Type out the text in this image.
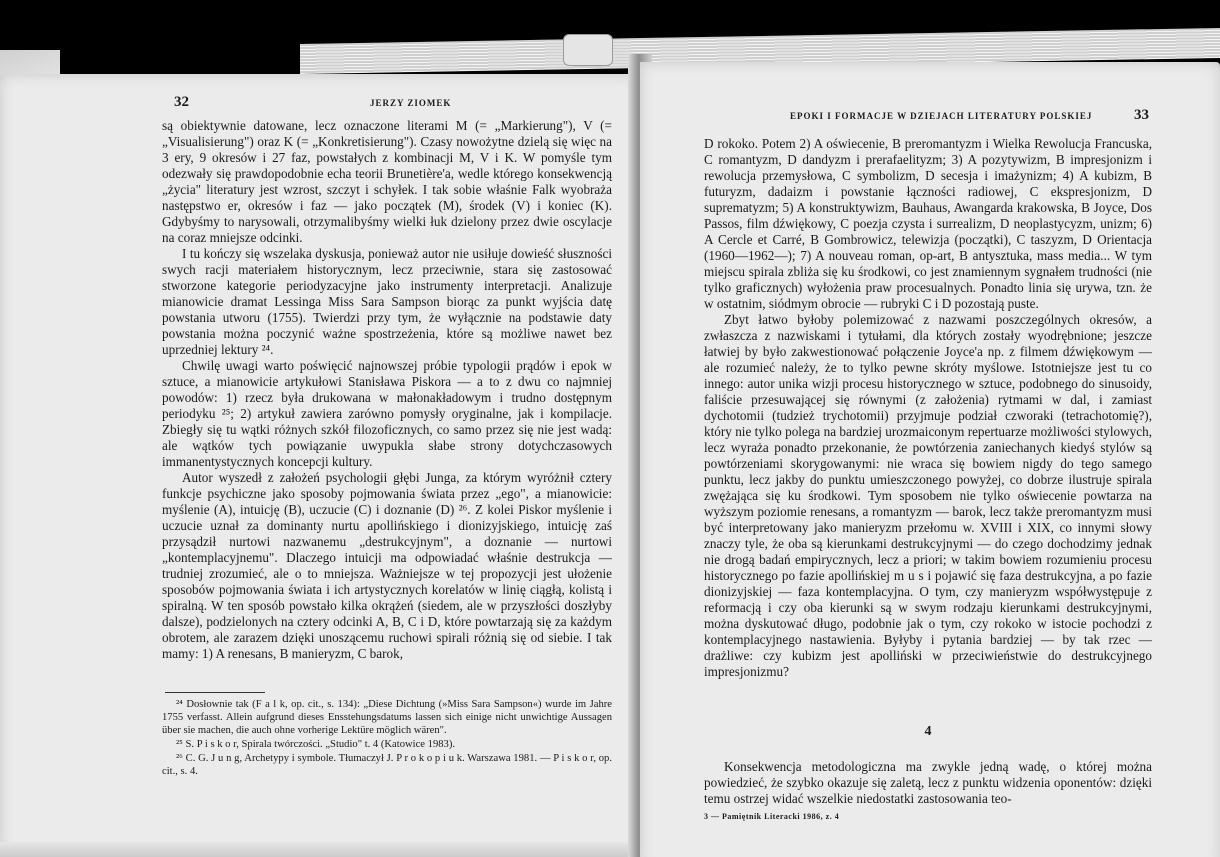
32	JERZY ZIOMEK

są obiektywnie datowane, lecz oznaczone literami M (= „Markierung"), V (= „Visualisierung") oraz K (= „Konkretisierung"). Czasy nowożytne dzielą się więc na 3 ery, 9 okresów i 27 faz, powstałych z kombinacji M, V i K. W pomyśle tym odezwały się prawdopodobnie echa teorii Brunetière'a, wedle którego konsekwencją „życia" literatury jest wzrost, szczyt i schyłek. I tak sobie właśnie Falk wyobraża następstwo er, okresów i faz — jako początek (M), środek (V) i koniec (K). Gdybyśmy to narysowali, otrzymalibyśmy wielki łuk dzielony przez dwie oscylacje na coraz mniejsze odcinki.

I tu kończy się wszelaka dyskusja, ponieważ autor nie usiłuje dowieść słuszności swych racji materiałem historycznym, lecz przeciwnie, stara się zastosować stworzone kategorie periodyzacyjne jako instrumenty interpretacji. Analizuje mianowicie dramat Lessinga Miss Sara Sampson biorąc za punkt wyjścia datę powstania utworu (1755). Twierdzi przy tym, że wyłącznie na podstawie daty powstania można poczynić ważne spostrzeżenia, które są możliwe nawet bez uprzedniej lektury ²⁴.

Chwilę uwagi warto poświęcić najnowszej próbie typologii prądów i epok w sztuce, a mianowicie artykułowi Stanisława Piskora — a to z dwu co najmniej powodów: 1) rzecz była drukowana w małonakładowym i trudno dostępnym periodyku ²⁵; 2) artykuł zawiera zarówno pomysły oryginalne, jak i kompilacje. Zbiegły się tu wątki różnych szkół filozoficznych, co samo przez się nie jest wadą: ale wątków tych powiązanie uwypukla słabe strony dotychczasowych immanentystycznych koncepcji kultury.

Autor wyszedł z założeń psychologii głębi Junga, za którym wyróżnił cztery funkcje psychiczne jako sposoby pojmowania świata przez „ego", a mianowicie: myślenie (A), intuicję (B), uczucie (C) i doznanie (D) ²⁶. Z kolei Piskor myślenie i uczucie uznał za dominanty nurtu apollińskiego i dionizyjskiego, intuicję zaś przysądził nurtowi nazwanemu „destrukcyjnym", a doznanie — nurtowi „kontemplacyjnemu". Dlaczego intuicji ma odpowiadać właśnie destrukcja — trudniej zrozumieć, ale o to mniejsza. Ważniejsze w tej propozycji jest ułożenie sposobów pojmowania świata i ich artystycznych korelatów w linię ciągłą, kolistą i spiralną. W ten sposób powstało kilka okrążeń (siedem, ale w przyszłości doszłyby dalsze), podzielonych na cztery odcinki A, B, C i D, które powtarzają się za każdym obrotem, ale zarazem dzięki unoszącemu ruchowi spirali różnią się od siebie. I tak mamy: 1) A renesans, B manieryzm, C barok,

²⁴ Dosłownie tak (F a l k, op. cit., s. 134): „Diese Dichtung (»Miss Sara Sampson«) wurde im Jahre 1755 verfasst. Allein aufgrund dieses Ensstehungsdatums lassen sich einige nicht unwichtige Aussagen über sie machen, die auch ohne vorherige Lektüre möglich wären".

²⁵ S. P i s k o r, Spirala twórczości. „Studio" t. 4 (Katowice 1983).

²⁶ C. G. J u n g, Archetypy i symbole. Tłumaczył J. P r o k o p i u k. Warszawa 1981. — P i s k o r, op. cit., s. 4.

EPOKI I FORMACJE W DZIEJACH LITERATURY POLSKIEJ	33

D rokoko. Potem 2) A oświecenie, B preromantyzm i Wielka Rewolucja Francuska, C romantyzm, D dandyzm i prerafaelityzm; 3) A pozytywizm, B impresjonizm i rewolucja przemysłowa, C symbolizm, D secesja i imażynizm; 4) A kubizm, B futuryzm, dadaizm i powstanie łączności radiowej, C ekspresjonizm, D suprematyzm; 5) A konstruktywizm, Bauhaus, Awangarda krakowska, B Joyce, Dos Passos, film dźwiękowy, C poezja czysta i surrealizm, D neoplastycyzm, unizm; 6) A Cercle et Carré, B Gombrowicz, telewizja (początki), C taszyzm, D Orientacja (1960—1962—); 7) A nouveau roman, op-art, B antysztuka, mass media... W tym miejscu spirala zbliża się ku środkowi, co jest znamiennym sygnałem trudności (nie tylko graficznych) wyłożenia praw procesualnych. Ponadto linia się urywa, tzn. że w ostatnim, siódmym obrocie — rubryki C i D pozostają puste.

Zbyt łatwo byłoby polemizować z nazwami poszczególnych okresów, a zwłaszcza z nazwiskami i tytułami, dla których zostały wyodrębnione; jeszcze łatwiej by było zakwestionować połączenie Joyce'a np. z filmem dźwiękowym — ale rozumieć należy, że to tylko pewne skróty myślowe. Istotniejsze jest tu co innego: autor unika wizji procesu historycznego w sztuce, podobnego do sinusoidy, faliście przesuwającej się równymi (z założenia) rytmami w dal, i zamiast dychotomii (tudzież trychotomii) przyjmuje podział czworaki (tetrachotomię?), który nie tylko polega na bardziej urozmaiconym repertuarze możliwości stylowych, lecz wyraża ponadto przekonanie, że powtórzenia zaniechanych kiedyś stylów są powtórzeniami skorygowanymi: nie wraca się bowiem nigdy do tego samego punktu, lecz jakby do punktu umieszczonego powyżej, co dobrze ilustruje spirala zwężająca się ku środkowi. Tym sposobem nie tylko oświecenie powtarza na wyższym poziomie renesans, a romantyzm — barok, lecz także preromantyzm musi być interpretowany jako manieryzm przełomu w. XVIII i XIX, co innymi słowy znaczy tyle, że oba są kierunkami destrukcyjnymi — do czego dochodzimy jednak nie drogą badań empirycznych, lecz a priori; w takim bowiem rozumieniu procesu historycznego po fazie apollińskiej m u s i pojawić się faza destrukcyjna, a po fazie dionizyjskiej — faza kontemplacyjna. O tym, czy manieryzm współwystępuje z reformacją i czy oba kierunki są w swym rodzaju kierunkami destrukcyjnymi, można dyskutować długo, podobnie jak o tym, czy rokoko w istocie pochodzi z kontemplacyjnego nastawienia. Byłyby i pytania bardziej — by tak rzec — drażliwe: czy kubizm jest apolliński w przeciwieństwie do destrukcyjnego impresjonizmu?

4

Konsekwencja metodologiczna ma zwykle jedną wadę, o której można powiedzieć, że szybko okazuje się zaletą, lecz z punktu widzenia oponentów: dzięki temu ostrzej widać wszelkie niedostatki zastosowania teo-

3 — Pamiętnik Literacki 1986, z. 4
